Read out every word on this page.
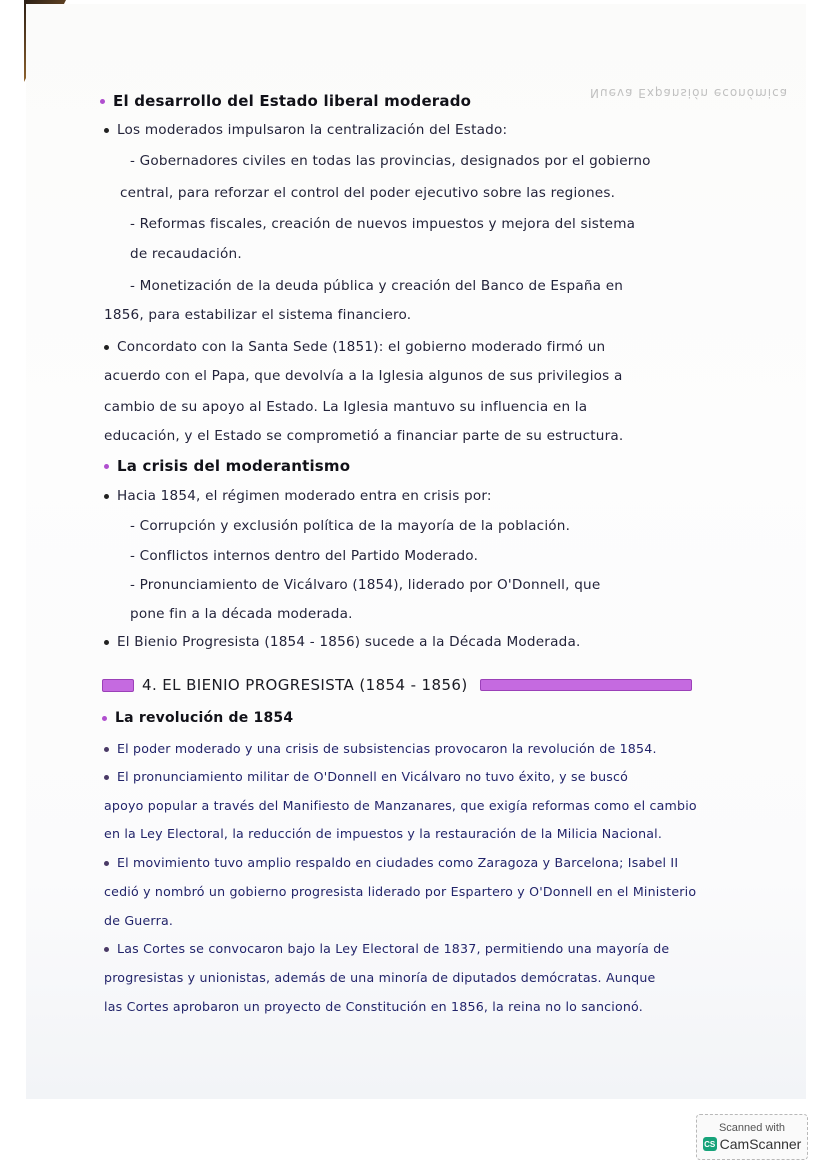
Nueva Expansión económica
El desarrollo del Estado liberal moderado
Los moderados impulsaron la centralización del Estado:
- Gobernadores civiles en todas las provincias, designados por el gobierno
central, para reforzar el control del poder ejecutivo sobre las regiones.
- Reformas fiscales, creación de nuevos impuestos y mejora del sistema
de recaudación.
- Monetización de la deuda pública y creación del Banco de España en
1856, para estabilizar el sistema financiero.
Concordato con la Santa Sede (1851): el gobierno moderado firmó un
acuerdo con el Papa, que devolvía a la Iglesia algunos de sus privilegios a
cambio de su apoyo al Estado. La Iglesia mantuvo su influencia en la
educación, y el Estado se comprometió a financiar parte de su estructura.
La crisis del moderantismo
Hacia 1854, el régimen moderado entra en crisis por:
- Corrupción y exclusión política de la mayoría de la población.
- Conflictos internos dentro del Partido Moderado.
- Pronunciamiento de Vicálvaro (1854), liderado por O'Donnell, que
pone fin a la década moderada.
El Bienio Progresista (1854 - 1856) sucede a la Década Moderada.
4. EL BIENIO PROGRESISTA (1854 - 1856)
La revolución de 1854
El poder moderado y una crisis de subsistencias provocaron la revolución de 1854.
El pronunciamiento militar de O'Donnell en Vicálvaro no tuvo éxito, y se buscó
apoyo popular a través del Manifiesto de Manzanares, que exigía reformas como el cambio
en la Ley Electoral, la reducción de impuestos y la restauración de la Milicia Nacional.
El movimiento tuvo amplio respaldo en ciudades como Zaragoza y Barcelona; Isabel II
cedió y nombró un gobierno progresista liderado por Espartero y O'Donnell en el Ministerio
de Guerra.
Las Cortes se convocaron bajo la Ley Electoral de 1837, permitiendo una mayoría de
progresistas y unionistas, además de una minoría de diputados demócratas. Aunque
las Cortes aprobaron un proyecto de Constitución en 1856, la reina no lo sancionó.
Scanned with
CS CamScanner
